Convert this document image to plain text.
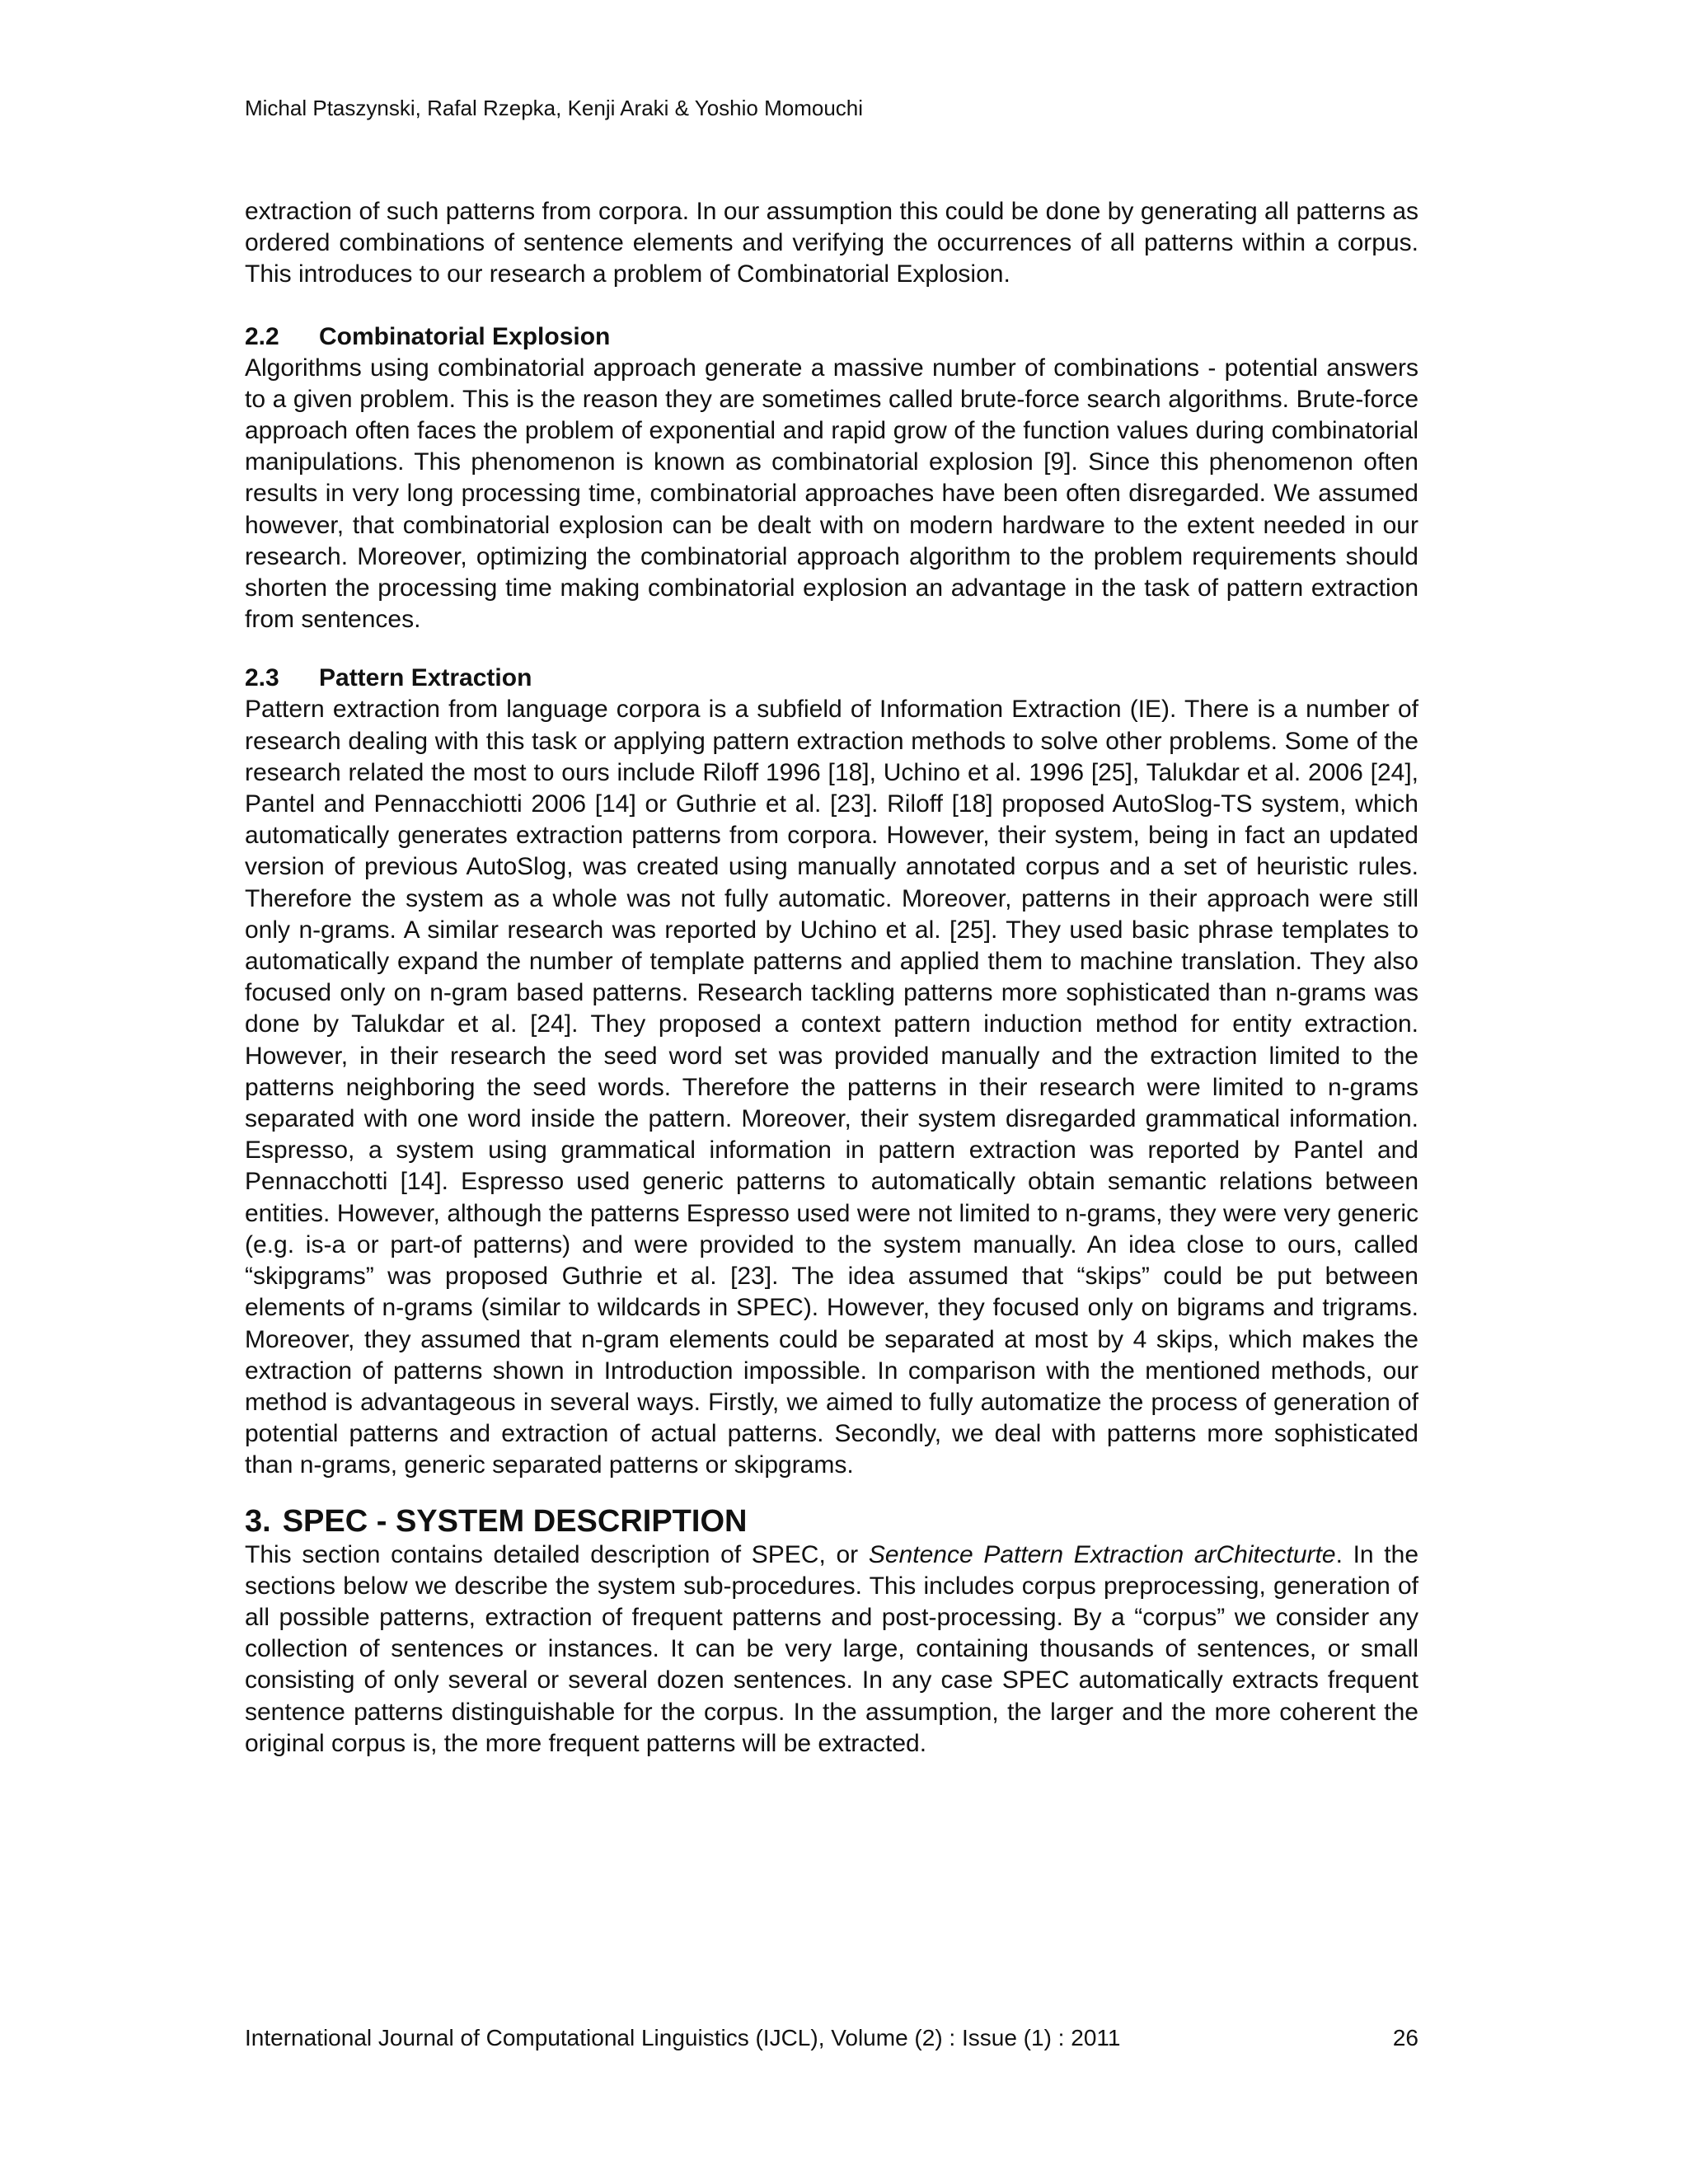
Michal Ptaszynski, Rafal Rzepka, Kenji Araki & Yoshio Momouchi

extraction of such patterns from corpora. In our assumption this could be done by generating all patterns as ordered combinations of sentence elements and verifying the occurrences of all patterns within a corpus. This introduces to our research a problem of Combinatorial Explosion.

2.2 Combinatorial Explosion

Algorithms using combinatorial approach generate a massive number of combinations - potential answers to a given problem. This is the reason they are sometimes called brute-force search algorithms. Brute-force approach often faces the problem of exponential and rapid grow of the function values during combinatorial manipulations. This phenomenon is known as combinatorial explosion [9]. Since this phenomenon often results in very long processing time, combinatorial approaches have been often disregarded. We assumed however, that combinatorial explosion can be dealt with on modern hardware to the extent needed in our research. Moreover, optimizing the combinatorial approach algorithm to the problem requirements should shorten the processing time making combinatorial explosion an advantage in the task of pattern extraction from sentences.

2.3 Pattern Extraction

Pattern extraction from language corpora is a subfield of Information Extraction (IE). There is a number of research dealing with this task or applying pattern extraction methods to solve other problems. Some of the research related the most to ours include Riloff 1996 [18], Uchino et al. 1996 [25], Talukdar et al. 2006 [24], Pantel and Pennacchiotti 2006 [14] or Guthrie et al. [23]. Riloff [18] proposed AutoSlog-TS system, which automatically generates extraction patterns from corpora. However, their system, being in fact an updated version of previous AutoSlog, was created using manually annotated corpus and a set of heuristic rules. Therefore the system as a whole was not fully automatic. Moreover, patterns in their approach were still only n-grams. A similar research was reported by Uchino et al. [25]. They used basic phrase templates to automatically expand the number of template patterns and applied them to machine translation. They also focused only on n-gram based patterns. Research tackling patterns more sophisticated than n-grams was done by Talukdar et al. [24]. They proposed a context pattern induction method for entity extraction. However, in their research the seed word set was provided manually and the extraction limited to the patterns neighboring the seed words. Therefore the patterns in their research were limited to n-grams separated with one word inside the pattern. Moreover, their system disregarded grammatical information. Espresso, a system using grammatical information in pattern extraction was reported by Pantel and Pennacchotti [14]. Espresso used generic patterns to automatically obtain semantic relations between entities. However, although the patterns Espresso used were not limited to n-grams, they were very generic (e.g. is-a or part-of patterns) and were provided to the system manually. An idea close to ours, called “skipgrams” was proposed Guthrie et al. [23]. The idea assumed that “skips” could be put between elements of n-grams (similar to wildcards in SPEC). However, they focused only on bigrams and trigrams. Moreover, they assumed that n-gram elements could be separated at most by 4 skips, which makes the extraction of patterns shown in Introduction impossible. In comparison with the mentioned methods, our method is advantageous in several ways. Firstly, we aimed to fully automatize the process of generation of potential patterns and extraction of actual patterns. Secondly, we deal with patterns more sophisticated than n-grams, generic separated patterns or skipgrams.

3. SPEC - SYSTEM DESCRIPTION

This section contains detailed description of SPEC, or Sentence Pattern Extraction arChitecturte. In the sections below we describe the system sub-procedures. This includes corpus preprocessing, generation of all possible patterns, extraction of frequent patterns and post-processing. By a “corpus” we consider any collection of sentences or instances. It can be very large, containing thousands of sentences, or small consisting of only several or several dozen sentences. In any case SPEC automatically extracts frequent sentence patterns distinguishable for the corpus. In the assumption, the larger and the more coherent the original corpus is, the more frequent patterns will be extracted.

International Journal of Computational Linguistics (IJCL), Volume (2) : Issue (1) : 2011	26
